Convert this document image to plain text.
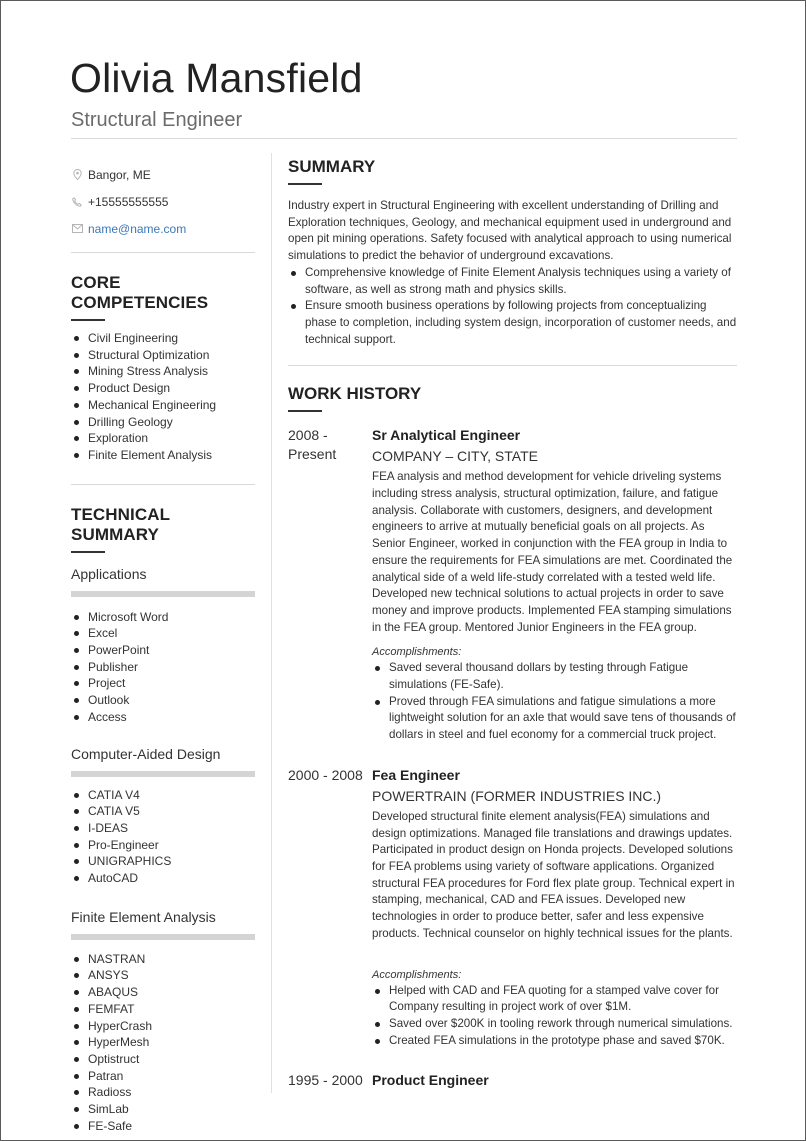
Olivia Mansfield
Structural Engineer
Bangor, ME
+15555555555
name@name.com
CORE COMPETENCIES
Civil Engineering
Structural Optimization
Mining Stress Analysis
Product Design
Mechanical Engineering
Drilling Geology
Exploration
Finite Element Analysis
TECHNICAL SUMMARY
Applications
Microsoft Word
Excel
PowerPoint
Publisher
Project
Outlook
Access
Computer-Aided Design
CATIA V4
CATIA V5
I-DEAS
Pro-Engineer
UNIGRAPHICS
AutoCAD
Finite Element Analysis
NASTRAN
ANSYS
ABAQUS
FEMFAT
HyperCrash
HyperMesh
Optistruct
Patran
Radioss
SimLab
FE-Safe
SUMMARY

Industry expert in Structural Engineering with excellent understanding of Drilling and Exploration techniques, Geology, and mechanical equipment used in underground and open pit mining operations. Safety focused with analytical approach to using numerical simulations to predict the behavior of underground excavations.

Comprehensive knowledge of Finite Element Analysis techniques using a variety of software, as well as strong math and physics skills.
Ensure smooth business operations by following projects from conceptualizing phase to completion, including system design, incorporation of customer needs, and technical support.
WORK HISTORY
2008 - Present
Sr Analytical Engineer
COMPANY – CITY, STATE

FEA analysis and method development for vehicle driveling systems including stress analysis, structural optimization, failure, and fatigue analysis. Collaborate with customers, designers, and development engineers to arrive at mutually beneficial goals on all projects. As Senior Engineer, worked in conjunction with the FEA group in India to ensure the requirements for FEA simulations are met. Coordinated the analytical side of a weld life-study correlated with a tested weld life. Developed new technical solutions to actual projects in order to save money and improve products. Implemented FEA stamping simulations in the FEA group. Mentored Junior Engineers in the FEA group.

Accomplishments:
Saved several thousand dollars by testing through Fatigue simulations (FE-Safe).
Proved through FEA simulations and fatigue simulations a more lightweight solution for an axle that would save tens of thousands of dollars in steel and fuel economy for a commercial truck project.
2000 - 2008 Fea Engineer
POWERTRAIN (FORMER INDUSTRIES INC.)

Developed structural finite element analysis(FEA) simulations and design optimizations. Managed file translations and drawings updates. Participated in product design on Honda projects. Developed solutions for FEA problems using variety of software applications. Organized structural FEA procedures for Ford flex plate group. Technical expert in stamping, mechanical, CAD and FEA issues. Developed new technologies in order to produce better, safer and less expensive products. Technical counselor on highly technical issues for the plants.

Accomplishments:
Helped with CAD and FEA quoting for a stamped valve cover for Company resulting in project work of over $1M.
Saved over $200K in tooling rework through numerical simulations.
Created FEA simulations in the prototype phase and saved $70K.
1995 - 2000 Product Engineer
